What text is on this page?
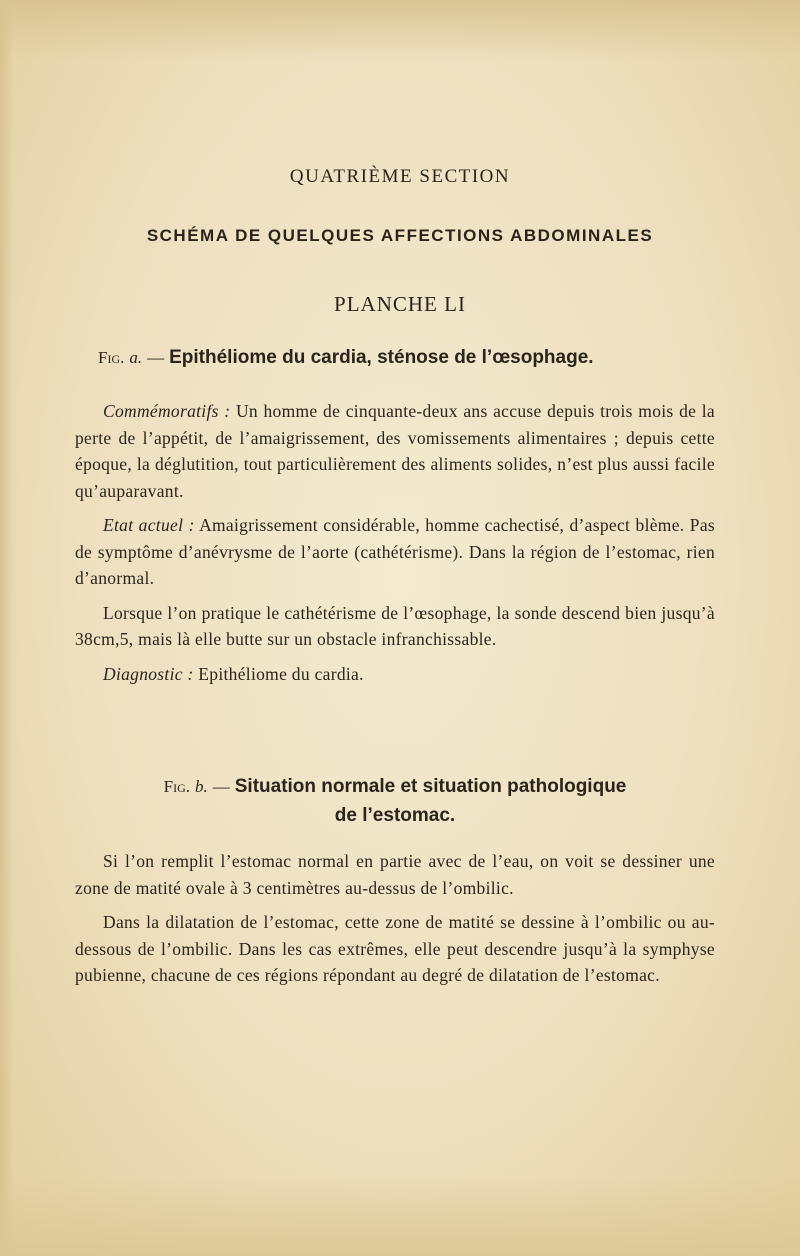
QUATRIÈME SECTION
SCHÉMA DE QUELQUES AFFECTIONS ABDOMINALES
PLANCHE LI
Fig. a. — Epithéliome du cardia, sténose de l’œsophage.

Commémoratifs : Un homme de cinquante-deux ans accuse depuis trois mois de la perte de l’appétit, de l’amaigrissement, des vomissements alimentaires ; depuis cette époque, la déglutition, tout particulièrement des aliments solides, n’est plus aussi facile qu’auparavant.

Etat actuel : Amaigrissement considérable, homme cachectisé, d’aspect blème. Pas de symptôme d’anévrysme de l’aorte (cathétérisme). Dans la région de l’estomac, rien d’anormal.

Lorsque l’on pratique le cathétérisme de l’œsophage, la sonde descend bien jusqu’à 38cm,5, mais là elle butte sur un obstacle infranchissable.

Diagnostic : Epithéliome du cardia.

Fig. b. — Situation normale et situation pathologique
de l’estomac.

Si l’on remplit l’estomac normal en partie avec de l’eau, on voit se dessiner une zone de matité ovale à 3 centimètres au-dessus de l’ombilic.

Dans la dilatation de l’estomac, cette zone de matité se dessine à l’ombilic ou au-dessous de l’ombilic. Dans les cas extrêmes, elle peut descendre jusqu’à la symphyse pubienne, chacune de ces régions répondant au degré de dilatation de l’estomac.
